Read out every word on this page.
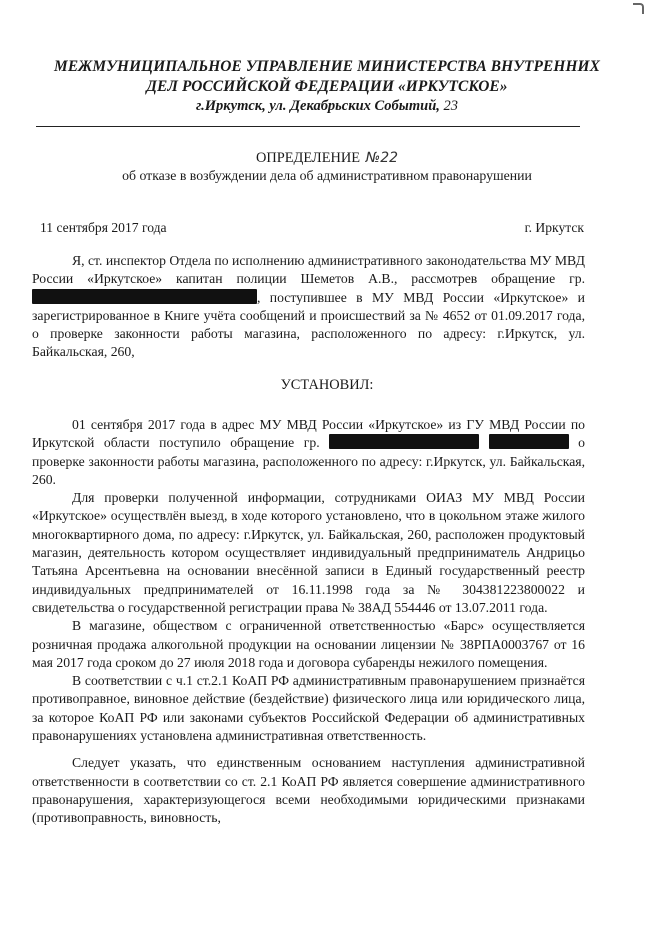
МЕЖМУНИЦИПАЛЬНОЕ УПРАВЛЕНИЕ МИНИСТЕРСТВА ВНУТРЕННИХ
ДЕЛ РОССИЙСКОЙ ФЕДЕРАЦИИ «ИРКУТСКОЕ»
г.Иркутск, ул. Декабрьских Событий, 23
ОПРЕДЕЛЕНИЕ №22
об отказе в возбуждении дела об административном правонарушении
11 сентября 2017 года	г. Иркутск

Я, ст. инспектор Отдела по исполнению административного законодательства МУ МВД России «Иркутское» капитан полиции Шеметов А.В., рассмотрев обращение гр. , поступившее в МУ МВД России «Иркутское» и зарегистрированное в Книге учёта сообщений и происшествий за № 4652 от 01.09.2017 года, о проверке законности работы магазина, расположенного по адресу: г.Иркутск, ул. Байкальская, 260,

УСТАНОВИЛ:

01 сентября 2017 года в адрес МУ МВД России «Иркутское» из ГУ МВД России по Иркутской области поступило обращение гр.	о проверке законности работы магазина, расположенного по адресу: г.Иркутск, ул. Байкальская, 260.

Для проверки полученной информации, сотрудниками ОИАЗ МУ МВД России «Иркутское» осуществлён выезд, в ходе которого установлено, что в цокольном этаже жилого многоквартирного дома, по адресу: г.Иркутск, ул. Байкальская, 260, расположен продуктовый магазин, деятельность котором осуществляет индивидуальный предприниматель Андрицьо Татьяна Арсентьевна на основании внесённой записи в Единый государственный реестр индивидуальных предпринимателей от 16.11.1998 года за № 304381223800022 и свидетельства о государственной регистрации права № 38АД 554446 от 13.07.2011 года.

В магазине, обществом с ограниченной ответственностью «Барс» осуществляется розничная продажа алкогольной продукции на основании лицензии № 38РПА0003767 от 16 мая 2017 года сроком до 27 июля 2018 года и договора субаренды нежилого помещения.

В соответствии с ч.1 ст.2.1 КоАП РФ административным правонарушением признаётся противоправное, виновное действие (бездействие) физического лица или юридического лица, за которое КоАП РФ или законами субъектов Российской Федерации об административных правонарушениях установлена административная ответственность.

Следует указать, что единственным основанием наступления административной ответственности в соответствии со ст. 2.1 КоАП РФ является совершение административного правонарушения, характеризующегося всеми необходимыми юридическими признаками (противоправность, виновность,
